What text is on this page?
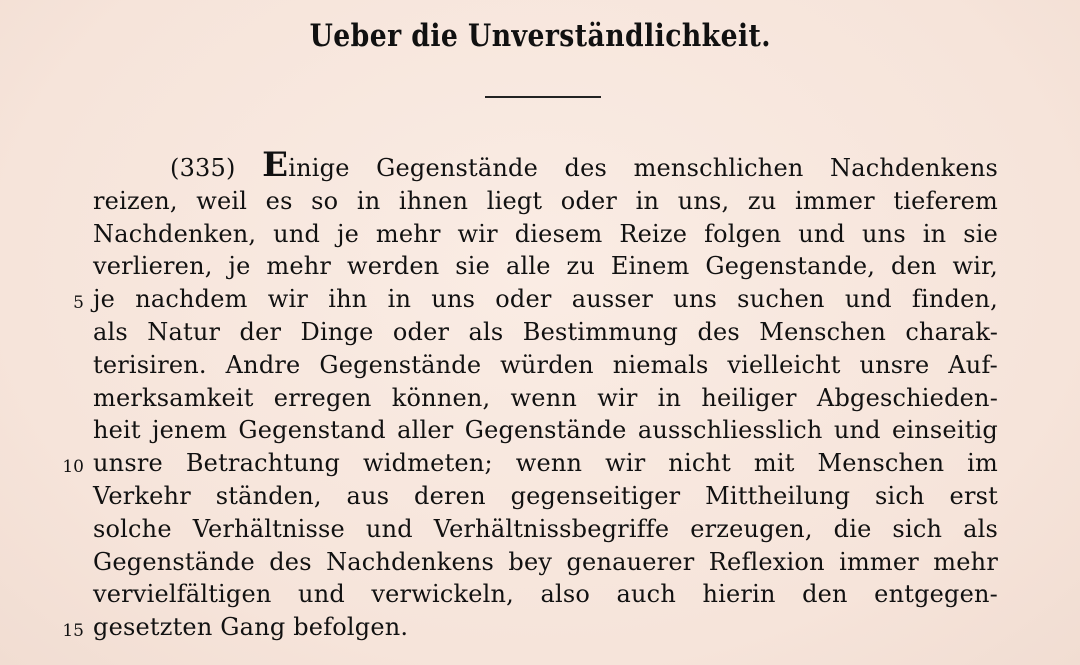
Ueber die Unverständlichkeit.
5
10
15
(335) Einige Gegenstände des menschlichen Nachdenkens
reizen, weil es so in ihnen liegt oder in uns, zu immer tieferem
Nachdenken, und je mehr wir diesem Reize folgen und uns in sie
verlieren, je mehr werden sie alle zu Einem Gegenstande, den wir,
je nachdem wir ihn in uns oder ausser uns suchen und finden,
als Natur der Dinge oder als Bestimmung des Menschen charak-
terisiren. Andre Gegenstände würden niemals vielleicht unsre Auf-
merksamkeit erregen können, wenn wir in heiliger Abgeschieden-
heit jenem Gegenstand aller Gegenstände ausschliesslich und einseitig
unsre Betrachtung widmeten; wenn wir nicht mit Menschen im
Verkehr ständen, aus deren gegenseitiger Mittheilung sich erst
solche Verhältnisse und Verhältnissbegriffe erzeugen, die sich als
Gegenstände des Nachdenkens bey genauerer Reflexion immer mehr
vervielfältigen und verwickeln, also auch hierin den entgegen-
gesetzten Gang befolgen.
